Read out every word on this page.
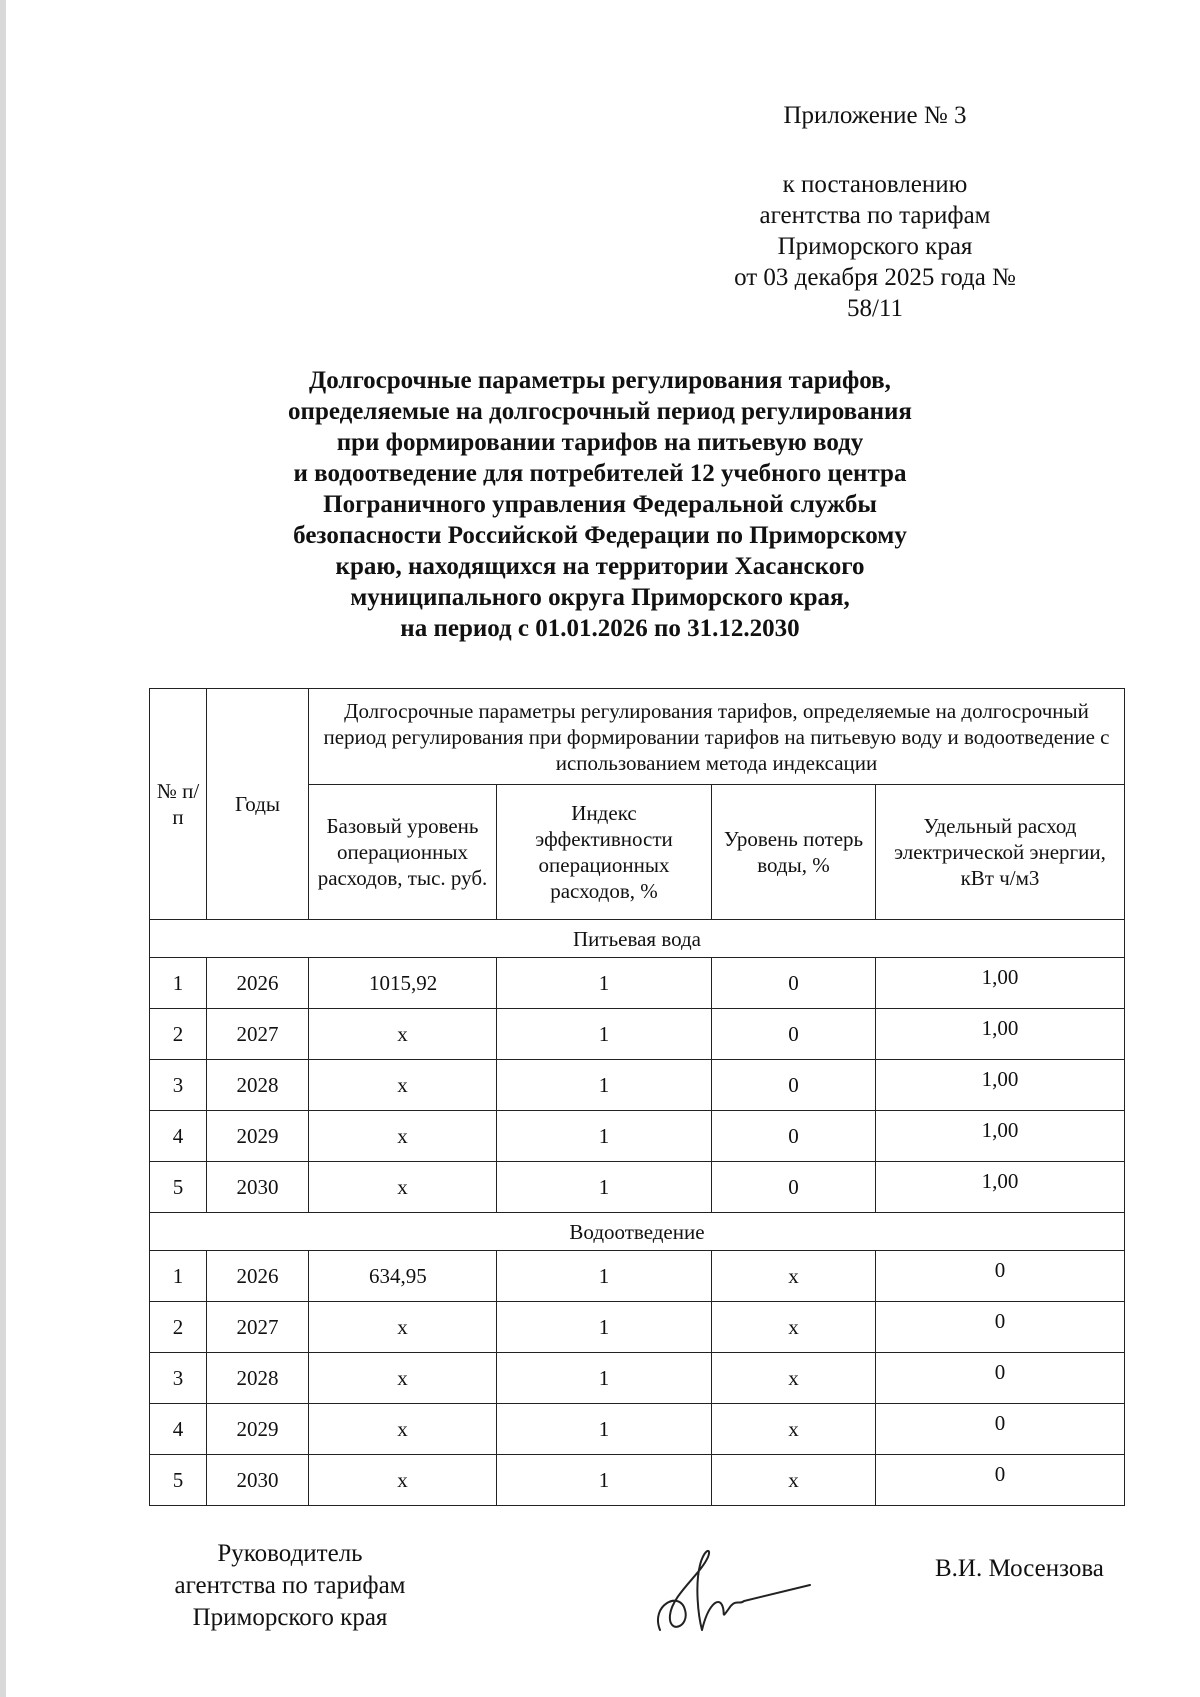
Приложение № 3
к постановлению
агентства по тарифам
Приморского края
от 03 декабря 2025 года № 58/11
Долгосрочные параметры регулирования тарифов,
определяемые на долгосрочный период регулирования
при формировании тарифов на питьевую воду
и водоотведение для потребителей 12 учебного центра
Пограничного управления Федеральной службы
безопасности Российской Федерации по Приморскому
краю, находящихся на территории Хасанского
муниципального округа Приморского края,
на период с 01.01.2026 по 31.12.2030
№ п/п	Годы	Долгосрочные параметры регулирования тарифов, определяемые на долгосрочный период регулирования при формировании тарифов на питьевую воду и водоотведение с использованием метода индексации			
		Базовый уровень операционных расходов, тыс. руб.	Индекс эффективности операционных расходов, %	Уровень потерь воды, %	Удельный расход электрической энергии, кВт ч/м3
Питьевая вода					
1	2026	1015,92	1	0	1,00
2	2027	х	1	0	1,00
3	2028	х	1	0	1,00
4	2029	х	1	0	1,00
5	2030	х	1	0	1,00
Водоотведение					
1	2026	634,95	1	х	0
2	2027	х	1	х	0
3	2028	х	1	х	0
4	2029	х	1	х	0
5	2030	х	1	х	0
Руководитель
агентства по тарифам
Приморского края
В.И. Мосензова
